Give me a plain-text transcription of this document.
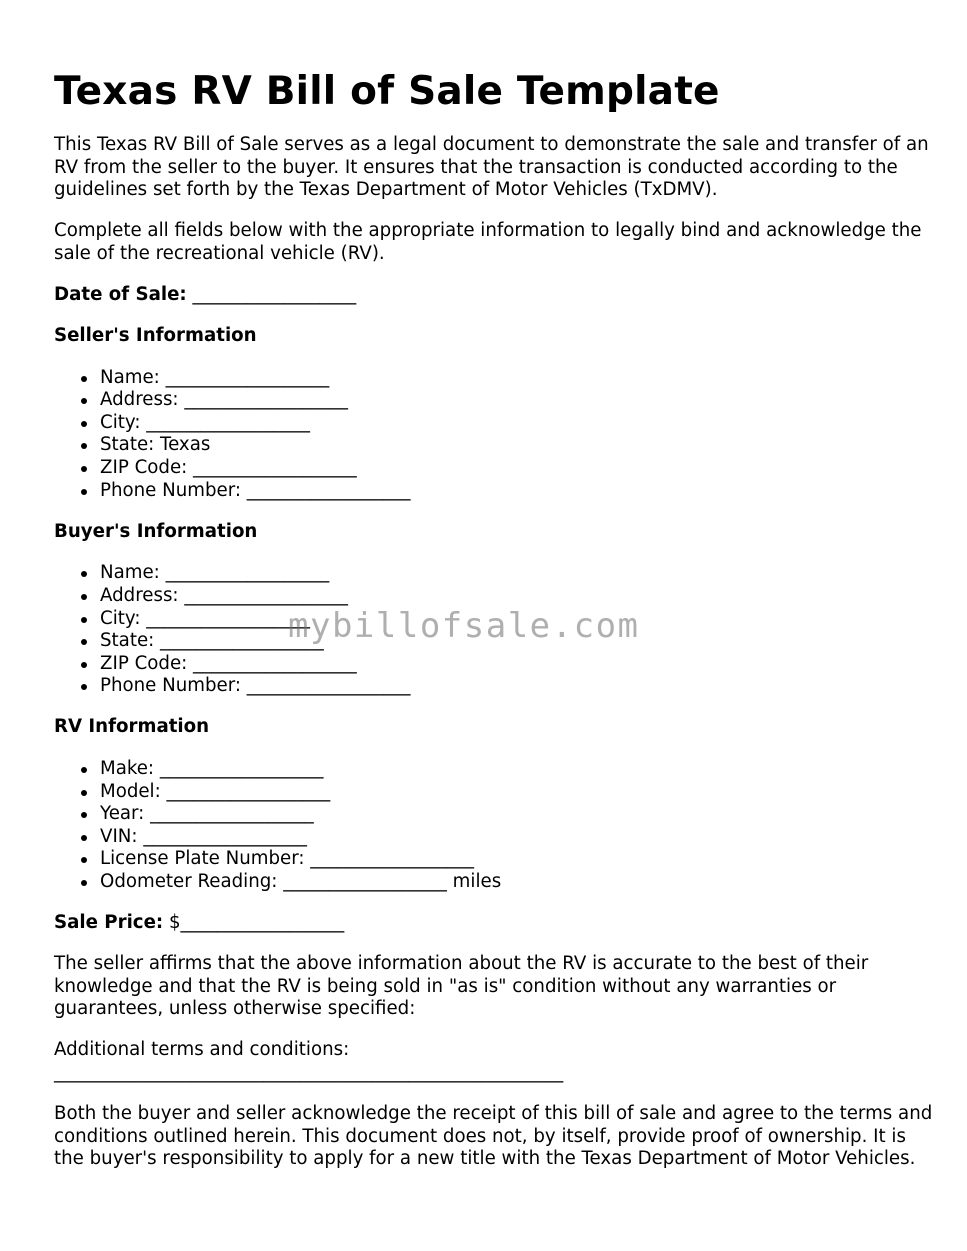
Texas RV Bill of Sale Template

This Texas RV Bill of Sale serves as a legal document to demonstrate the sale and transfer of an RV from the seller to the buyer. It ensures that the transaction is conducted according to the guidelines set forth by the Texas Department of Motor Vehicles (TxDMV).

Complete all fields below with the appropriate information to legally bind and acknowledge the sale of the recreational vehicle (RV).

Date of Sale: __________________

Seller's Information
Name: __________________
Address: __________________
City: __________________
State: Texas
ZIP Code: __________________
Phone Number: __________________
Buyer's Information
Name: __________________
Address: __________________
City: __________________
State: __________________
ZIP Code: __________________
Phone Number: __________________
RV Information
Make: __________________
Model: __________________
Year: __________________
VIN: __________________
License Plate Number: __________________
Odometer Reading: __________________ miles

Sale Price: $__________________

The seller affirms that the above information about the RV is accurate to the best of their knowledge and that the RV is being sold in "as is" condition without any warranties or guarantees, unless otherwise specified:

Additional terms and conditions:
________________________________________________________

Both the buyer and seller acknowledge the receipt of this bill of sale and agree to the terms and conditions outlined herein. This document does not, by itself, provide proof of ownership. It is the buyer's responsibility to apply for a new title with the Texas Department of Motor Vehicles.

mybillofsale.com
